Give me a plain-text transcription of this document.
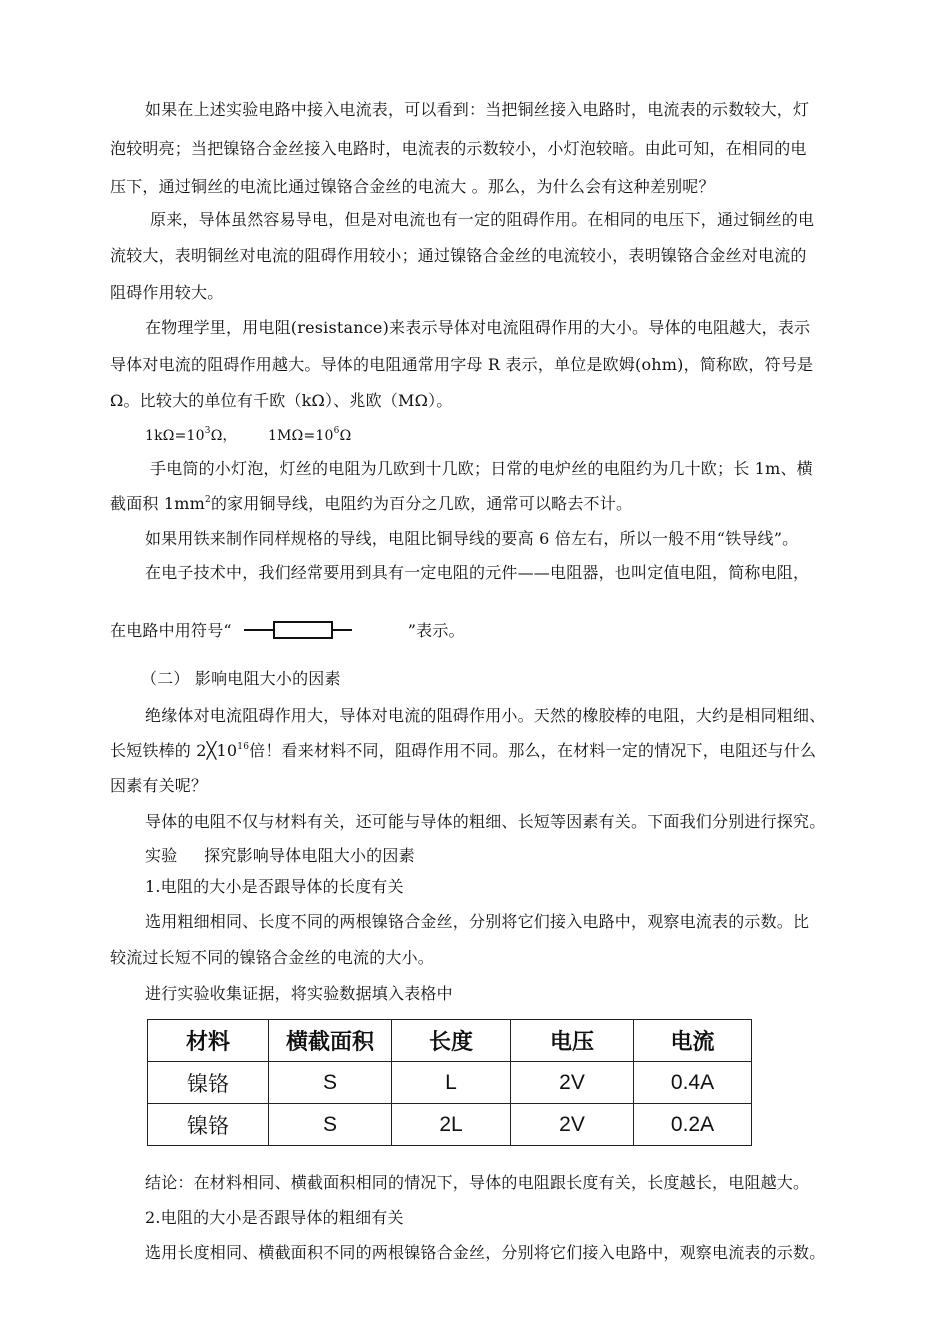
如果在上述实验电路中接入电流表，可以看到：当把铜丝接入电路时，电流表的示数较大，灯
泡较明亮；当把镍铬合金丝接入电路时，电流表的示数较小，小灯泡较暗。由此可知，在相同的电
压下，通过铜丝的电流比通过镍铬合金丝的电流大 。那么，为什么会有这种差别呢？
原来，导体虽然容易导电，但是对电流也有一定的阻碍作用。在相同的电压下，通过铜丝的电
流较大，表明铜丝对电流的阻碍作用较小；通过镍铬合金丝的电流较小，表明镍铬合金丝对电流的
阻碍作用较大。
在物理学里，用电阻(resistance)来表示导体对电流阻碍作用的大小。导体的电阻越大，表示
导体对电流的阻碍作用越大。导体的电阻通常用字母 R 表示，单位是欧姆(ohm)，简称欧，符号是
Ω。比较大的单位有千欧（kΩ）、兆欧（MΩ）。
$1k\Omega=10^3\Omega$， $1M\Omega=10^6\Omega$
手电筒的小灯泡，灯丝的电阻为几欧到十几欧；日常的电炉丝的电阻约为几十欧；长 1m、横
截面积 $1mm^2$的家用铜导线，电阻约为百分之几欧，通常可以略去不计。
如果用铁来制作同样规格的导线，电阻比铜导线的要高 6 倍左右，所以一般不用“铁导线”。
在电子技术中，我们经常要用到具有一定电阻的元件——电阻器，也叫定值电阻，简称电阻，
在电路中用符号“	”表示。
（二） 影响电阻大小的因素
绝缘体对电流阻碍作用大，导体对电流的阻碍作用小。天然的橡胶棒的电阻，大约是相同粗细、
长短铁棒的 $2╳10^{16}$倍！看来材料不同，阻碍作用不同。那么，在材料一定的情况下，电阻还与什么
因素有关呢？
导体的电阻不仅与材料有关，还可能与导体的粗细、长短等因素有关。下面我们分别进行探究。
实验 　 探究影响导体电阻大小的因素
1.电阻的大小是否跟导体的长度有关
选用粗细相同、长度不同的两根镍铬合金丝，分别将它们接入电路中，观察电流表的示数。比
较流过长短不同的镍铬合金丝的电流的大小。
进行实验收集证据，将实验数据填入表格中
材料	横截面积	长度	电压	电流
镍铬	S	L	2V	0.4A
镍铬	S	2L	2V	0.2A
结论：在材料相同、横截面积相同的情况下，导体的电阻跟长度有关，长度越长，电阻越大。
2.电阻的大小是否跟导体的粗细有关
选用长度相同、横截面积不同的两根镍铬合金丝，分别将它们接入电路中，观察电流表的示数。
